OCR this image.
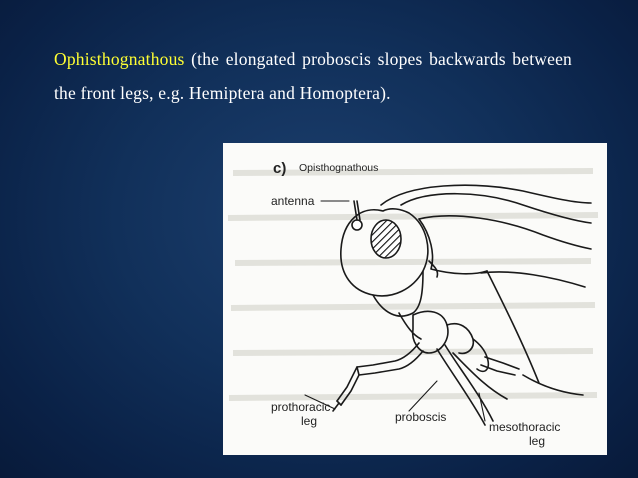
Ophisthognathous (the elongated proboscis slopes backwards between the front legs, e.g. Hemiptera and Homoptera).
c) Opisthognathous
antenna
prothoracic
leg	proboscis
mesothoracic
leg
